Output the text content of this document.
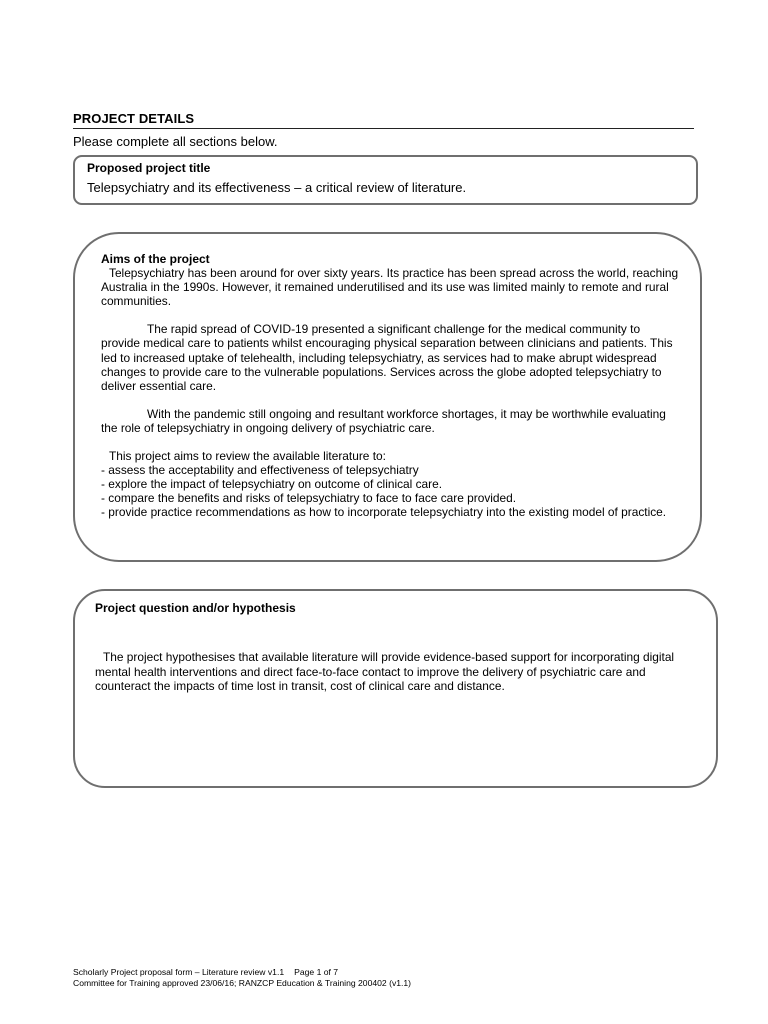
PROJECT DETAILS
Please complete all sections below.
Proposed project title
Telepsychiatry and its effectiveness – a critical review of literature.
Aims of the project

Telepsychiatry has been around for over sixty years. Its practice has been spread across the world, reaching Australia in the 1990s. However, it remained underutilised and its use was limited mainly to remote and rural communities.

The rapid spread of COVID-19 presented a significant challenge for the medical community to provide medical care to patients whilst encouraging physical separation between clinicians and patients. This led to increased uptake of telehealth, including telepsychiatry, as services had to make abrupt widespread changes to provide care to the vulnerable populations. Services across the globe adopted telepsychiatry to deliver essential care.

With the pandemic still ongoing and resultant workforce shortages, it may be worthwhile evaluating the role of telepsychiatry in ongoing delivery of psychiatric care.

This project aims to review the available literature to:

- assess the acceptability and effectiveness of telepsychiatry
- explore the impact of telepsychiatry on outcome of clinical care.
- compare the benefits and risks of telepsychiatry to face to face care provided.
- provide practice recommendations as how to incorporate telepsychiatry into the existing model of practice.
Project question and/or hypothesis
The project hypothesises that available literature will provide evidence-based support for incorporating digital mental health interventions and direct face-to-face contact to improve the delivery of psychiatric care and counteract the impacts of time lost in transit, cost of clinical care and distance.
Scholarly Project proposal form – Literature review v1.1 Page 1 of 7
Committee for Training approved 23/06/16; RANZCP Education & Training 200402 (v1.1)
